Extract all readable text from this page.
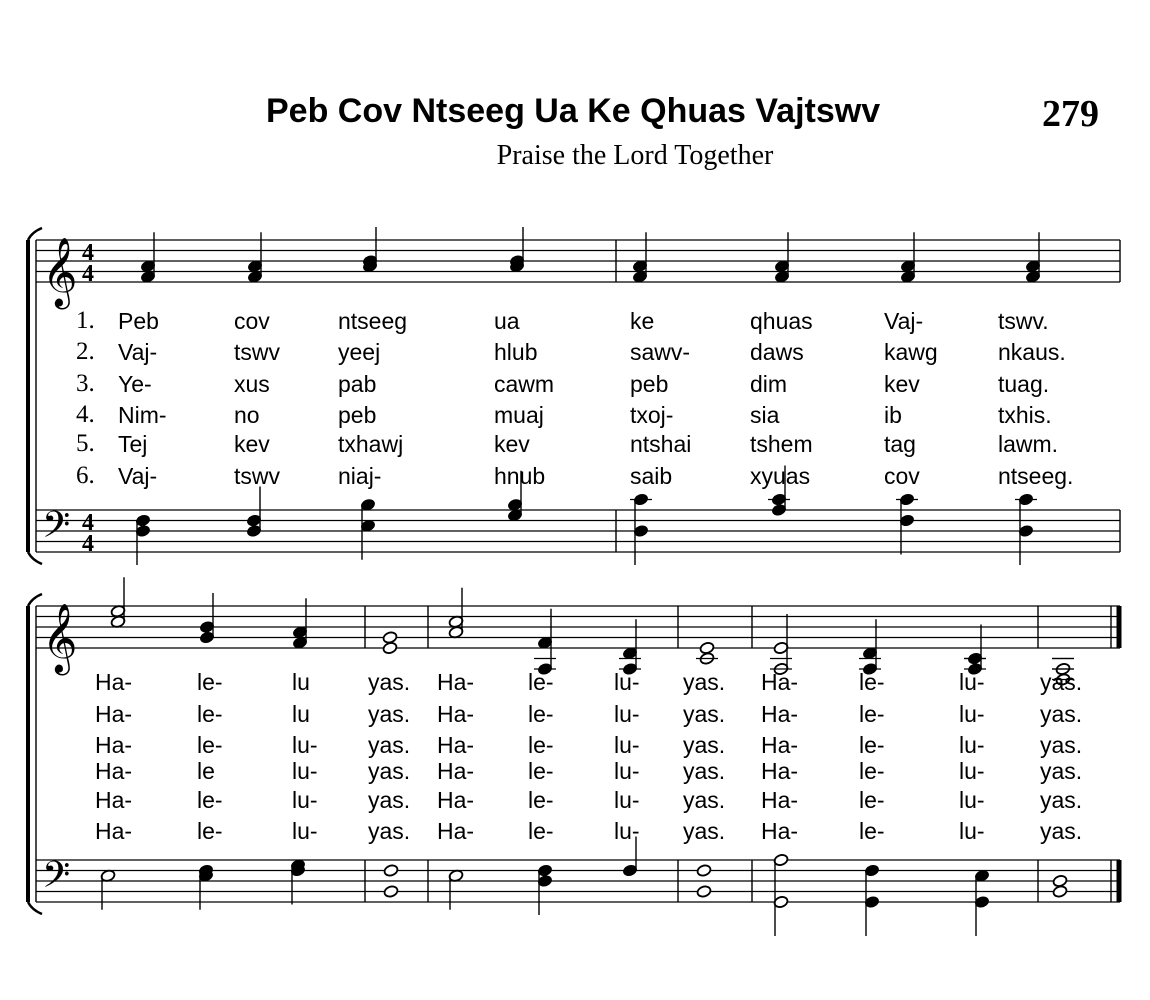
Peb Cov Ntseeg Ua Ke Qhuas Vajtswv
Praise the Lord Together
279
𝄞
𝄢
𝄞
𝄢
4
4
4
4
Peb	cov	ntseeg	ua	ke	qhuas	Vaj-	tswv.
1.
Vaj-	tswv	yeej	hlub	sawv-	daws	kawg	nkaus.
2.
Ye-	xus	pab	cawm	peb	dim	kev	tuag.
3.
Nim-	no	peb	muaj	txoj-	sia	ib	txhis.
4.
Tej	kev	txhawj	kev	ntshai	tshem	tag	lawm.
5.
Vaj-	tswv	niaj-	hnub	saib	xyuas	cov	ntseeg.
6.
Ha-	le-	lu	yas. Ha- le-	lu- yas. Ha-	le-	lu- yas.
Ha-	le-	lu	yas. Ha- le-	lu- yas. Ha-	le-	lu- yas.
Ha-	le-	lu- yas. Ha- le-	lu- yas. Ha-	le-	lu- yas.
Ha-	le	lu- yas. Ha- le-	lu- yas. Ha-	le-	lu- yas.
Ha-	le-	lu- yas. Ha- le-	lu- yas. Ha-	le-	lu- yas.
Ha-	le-	lu- yas. Ha- le-	lu- yas. Ha-	le-	lu- yas.
